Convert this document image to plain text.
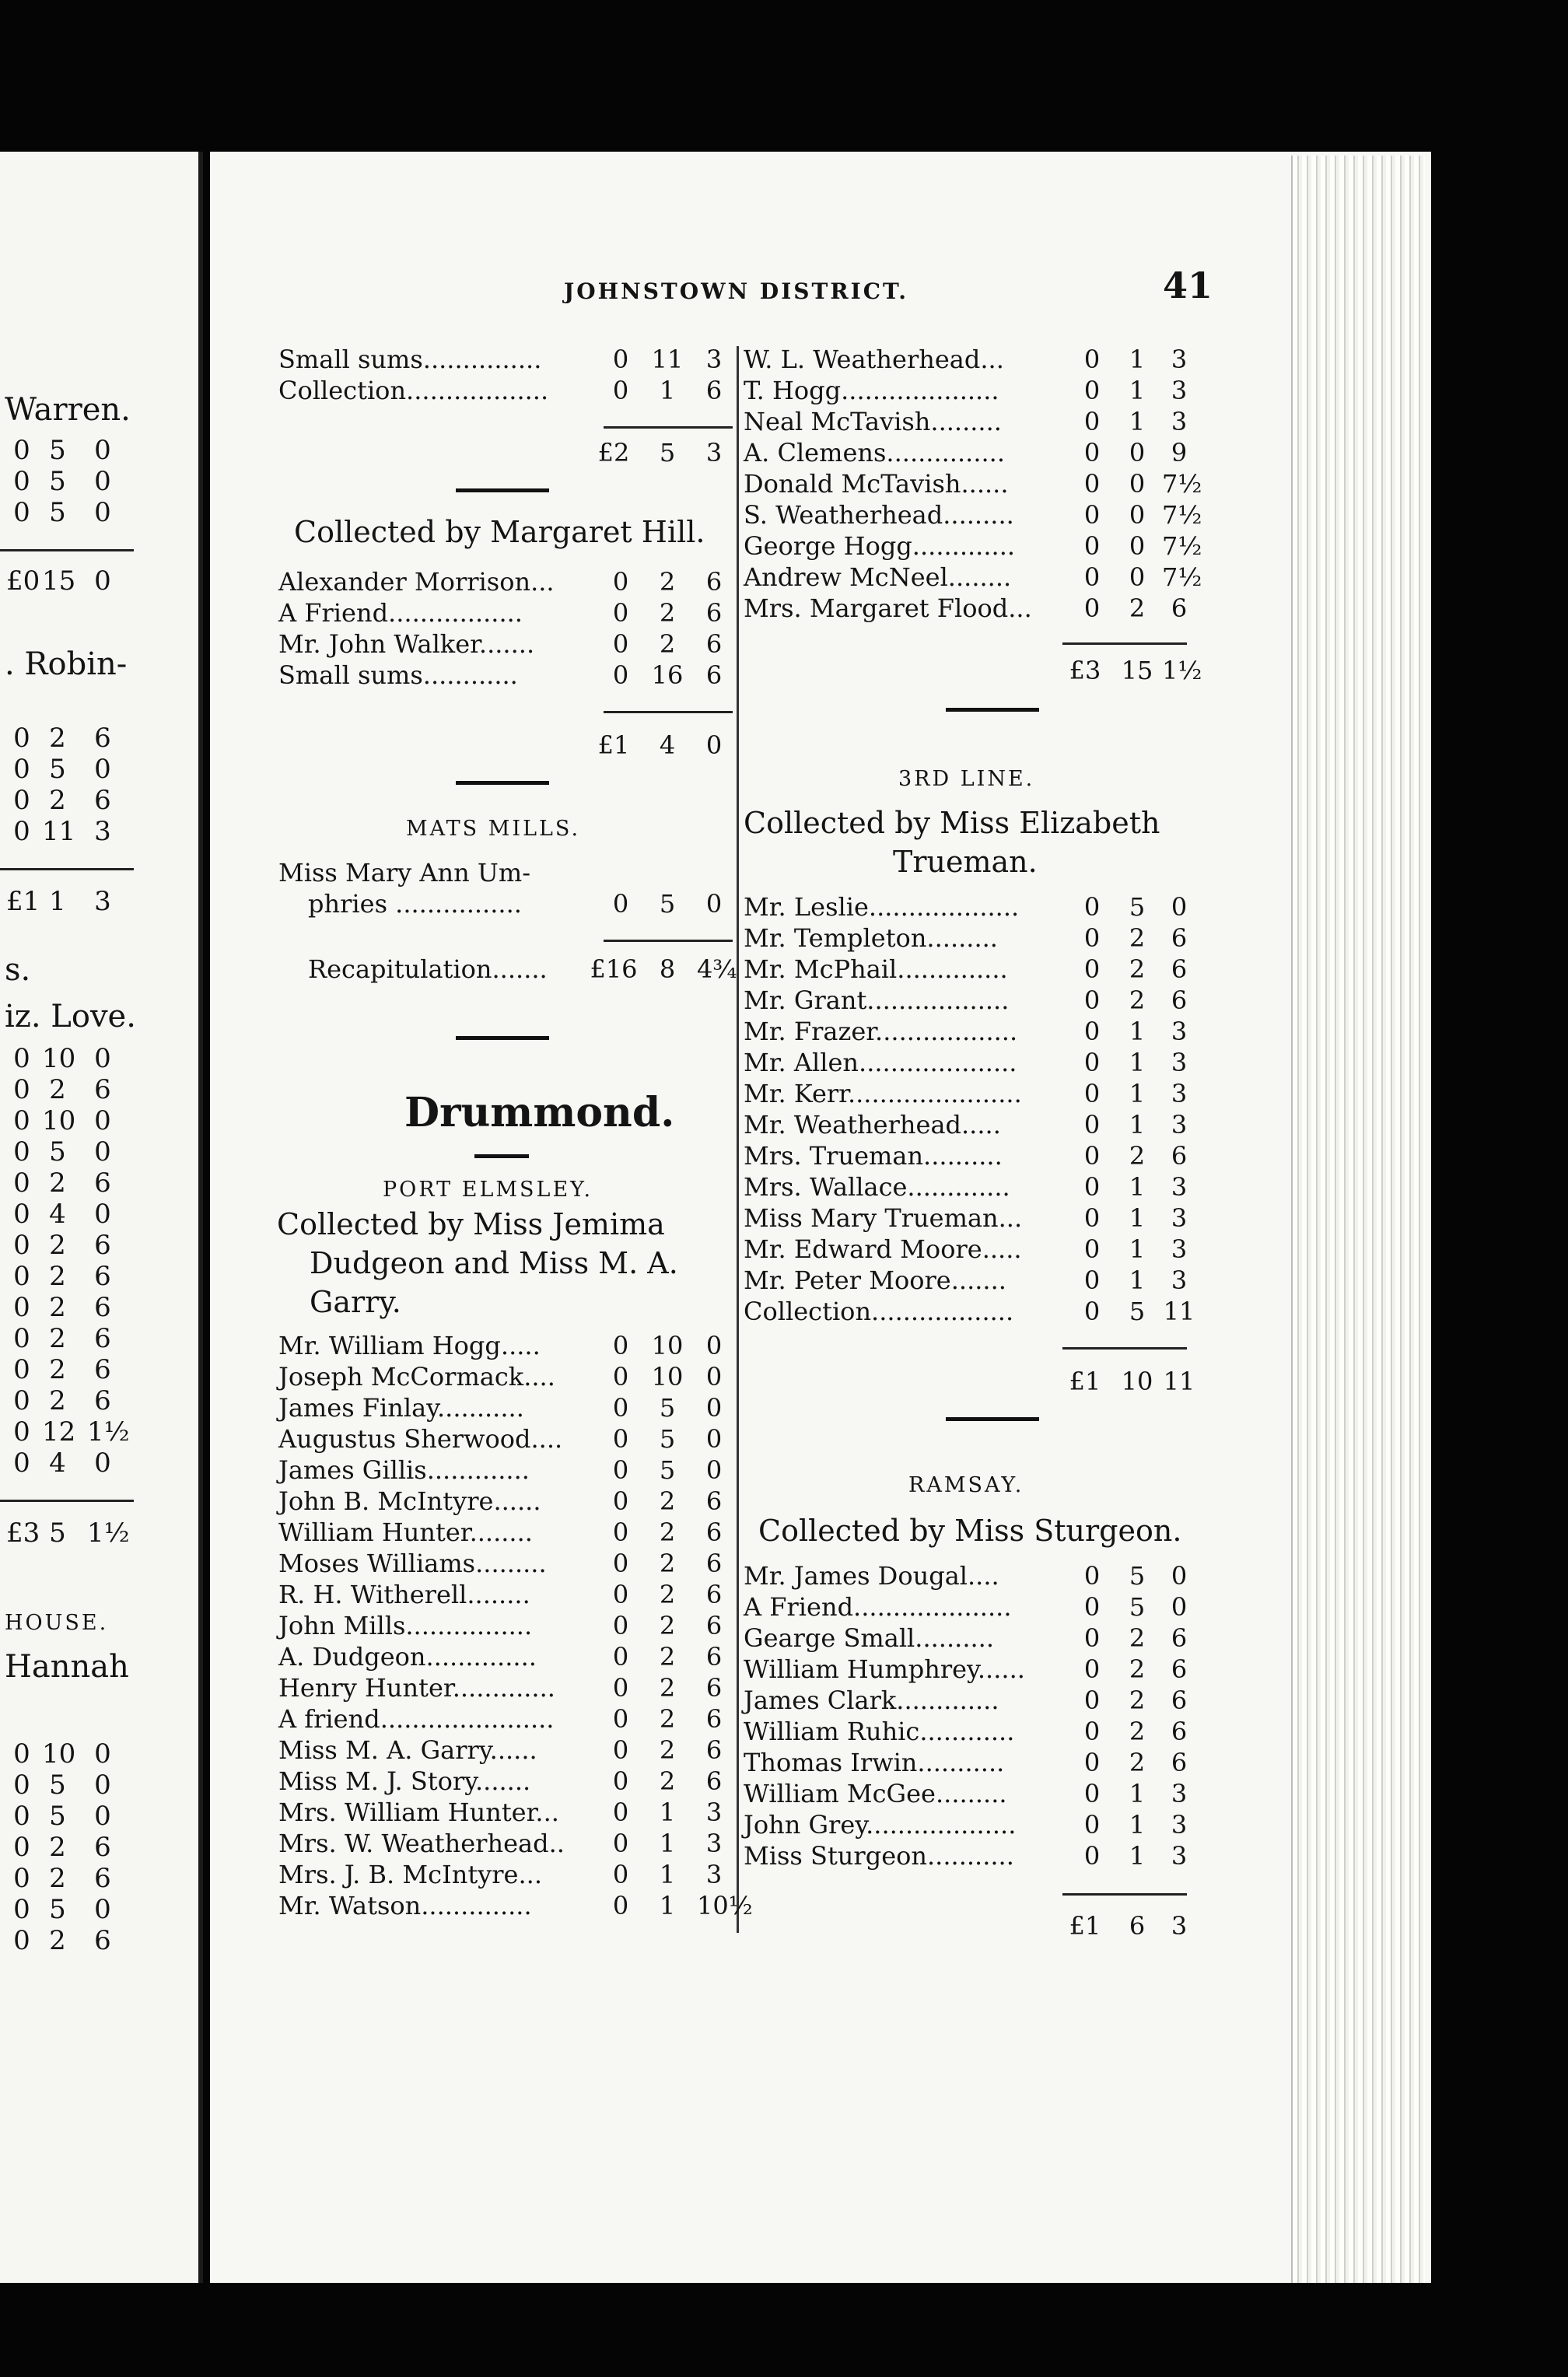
Warren.
0 5 0
0 5 0
0 5 0
£0 15 0
. Robin-
0 2 6
0 5 0
0 2 6
0 11 3
£1 1 3
s.
iz. Love.
0 10 0
0 2 6
0 10 0
0 5 0
0 2 6
0 4 0
0 2 6
0 2 6
0 2 6
0 2 6
0 2 6
0 2 6
0 12 1½
0 4 0
£3 5 1½
HOUSE.
Hannah
0 10 0
0 5 0
0 5 0
0 2 6
0 2 6
0 5 0
0 2 6
JOHNSTOWN DISTRICT.	41
Small sums...............	0 11 3
Collection..................	0	1	6
£2	5	3
Collected by Margaret Hill.
Alexander Morrison...	0	2	6
A Friend.................	0	2	6
Mr. John Walker.......	0	2	6
Small sums............	0 16 6
£1	4	0
MATS MILLS.
Miss Mary Ann Um-
phries ................	0	5	0
Recapitulation....... £16 8 4¾
Drummond.
PORT ELMSLEY.
Collected by Miss Jemima
Dudgeon and Miss M. A.
Garry.
Mr. William Hogg.....	0 10 0
Joseph McCormack....	0 10 0
James Finlay...........	0	5	0
Augustus Sherwood....	0	5	0
James Gillis.............	0	5	0
John B. McIntyre......	0	2	6
William Hunter........	0	2	6
Moses Williams.........	0	2	6
R. H. Witherell........	0	2	6
John Mills................	0	2	6
A. Dudgeon..............	0	2	6
Henry Hunter.............	0	2	6
A friend......................	0	2	6
Miss M. A. Garry......	0	2	6
Miss M. J. Story.......	0	2	6
Mrs. William Hunter...	0	1	3
Mrs. W. Weatherhead..	0	1	3
Mrs. J. B. McIntyre...	0	1	3
Mr. Watson..............	0	1 10½
W. L. Weatherhead...	0	1	3
T. Hogg....................	0	1	3
Neal McTavish.........	0	1	3
A. Clemens...............	0	0	9
Donald McTavish......	0	0 7½
S. Weatherhead.........	0	0 7½
George Hogg.............	0	0 7½
Andrew McNeel........	0	0 7½
Mrs. Margaret Flood...	0	2	6
£3 15 1½
3RD LINE.
Collected by Miss Elizabeth
Trueman.
Mr. Leslie...................	0	5	0
Mr. Templeton.........	0	2	6
Mr. McPhail..............	0	2	6
Mr. Grant..................	0	2	6
Mr. Frazer..................	0	1	3
Mr. Allen....................	0	1	3
Mr. Kerr......................	0	1	3
Mr. Weatherhead.....	0	1	3
Mrs. Trueman..........	0	2	6
Mrs. Wallace.............	0	1	3
Miss Mary Trueman...	0	1	3
Mr. Edward Moore.....	0	1	3
Mr. Peter Moore.......	0	1	3
Collection..................	0	5 11
£1 10 11
RAMSAY.
Collected by Miss Sturgeon.
Mr. James Dougal....	0	5	0
A Friend....................	0	5	0
Gearge Small..........	0	2	6
William Humphrey......	0	2	6
James Clark.............	0	2	6
William Ruhic............	0	2	6
Thomas Irwin...........	0	2	6
William McGee.........	0	1	3
John Grey...................	0	1	3
Miss Sturgeon...........	0	1	3
£1	6	3
